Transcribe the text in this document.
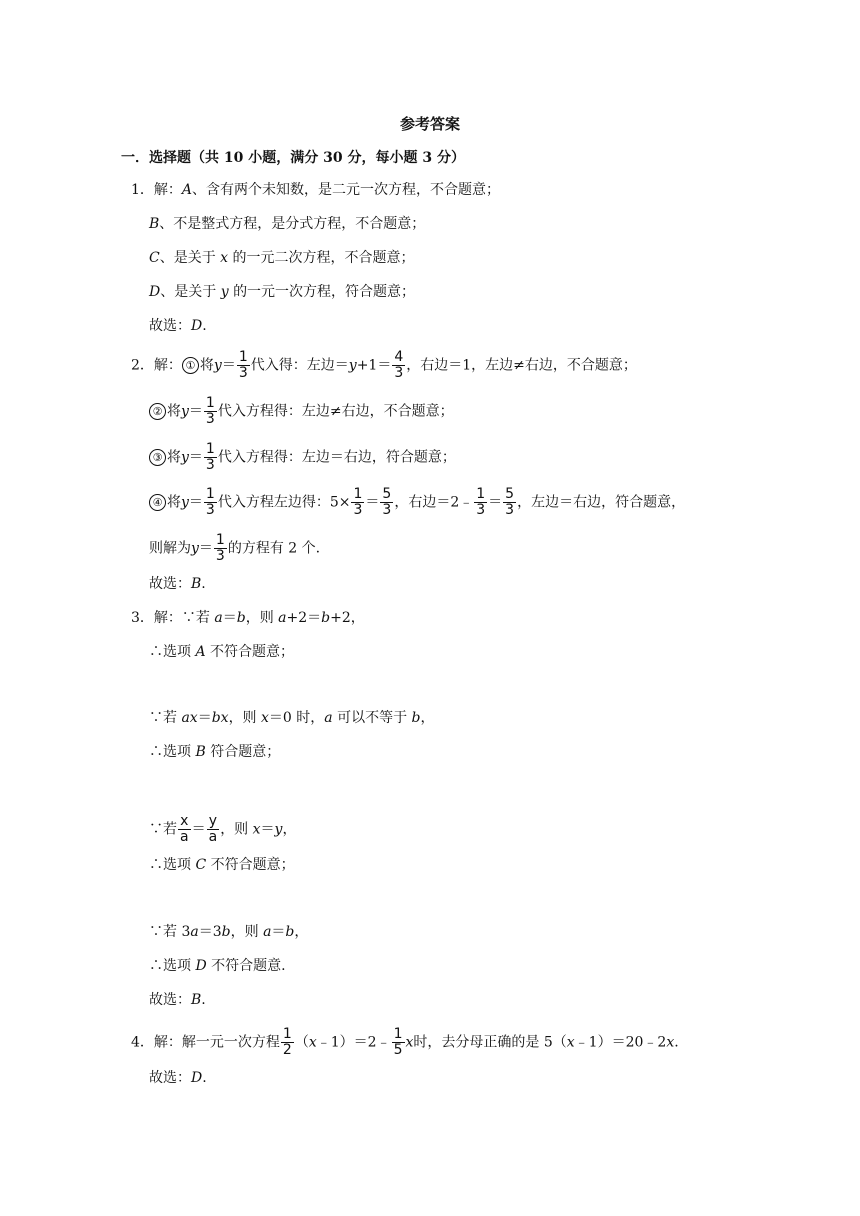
参考答案
一．选择题（共 10 小题，满分 30 分，每小题 3 分）
1．解：A、含有两个未知数，是二元一次方程，不合题意；
B、不是整式方程，是分式方程，不合题意；
C、是关于 x 的一元二次方程，不合题意；
D、是关于 y 的一元一次方程，符合题意；
故选：D.
2．解： ① 将$y= \frac{1}{3}$ 代入得：左边$=y+1= \frac{4}{3}$ ，右边＝1，左边≠右边，不合题意；
② 将$y= \frac{1}{3}$ 代入方程得：左边≠右边，不合题意；
③ 将$y= \frac{1}{3}$ 代入方程得：左边＝右边，符合题意；
④ 将$y= \frac{1}{3}$ 代入方程左边得：$5\times \frac{1}{3} = \frac{5}{3}$ ，右边＝2﹣ $\frac{1}{3} = \frac{5}{3}$ ，左边＝右边，符合题意，
则解为$y= \frac{1}{3}$ 的方程有 2 个.
故选：B.
3．解：∵若 a＝b，则 a+2＝b+2，
∴选项 A 不符合题意；
∵若 ax＝bx，则 x＝0 时，a 可以不等于 b，
∴选项 B 符合题意；
∵若 $\frac{x}{a} = \frac{y}{a}$ ，则 x＝y，
∴选项 C 不符合题意；
∵若 3a＝3b，则 a＝b，
∴选项 D 不符合题意.
故选：B.
4．解：解一元一次方程 $\frac{1}{2}$ （x﹣1）＝2﹣ $\frac{1}{5}$ x时，去分母正确的是 5（x﹣1）＝20﹣2x.
故选：D.
